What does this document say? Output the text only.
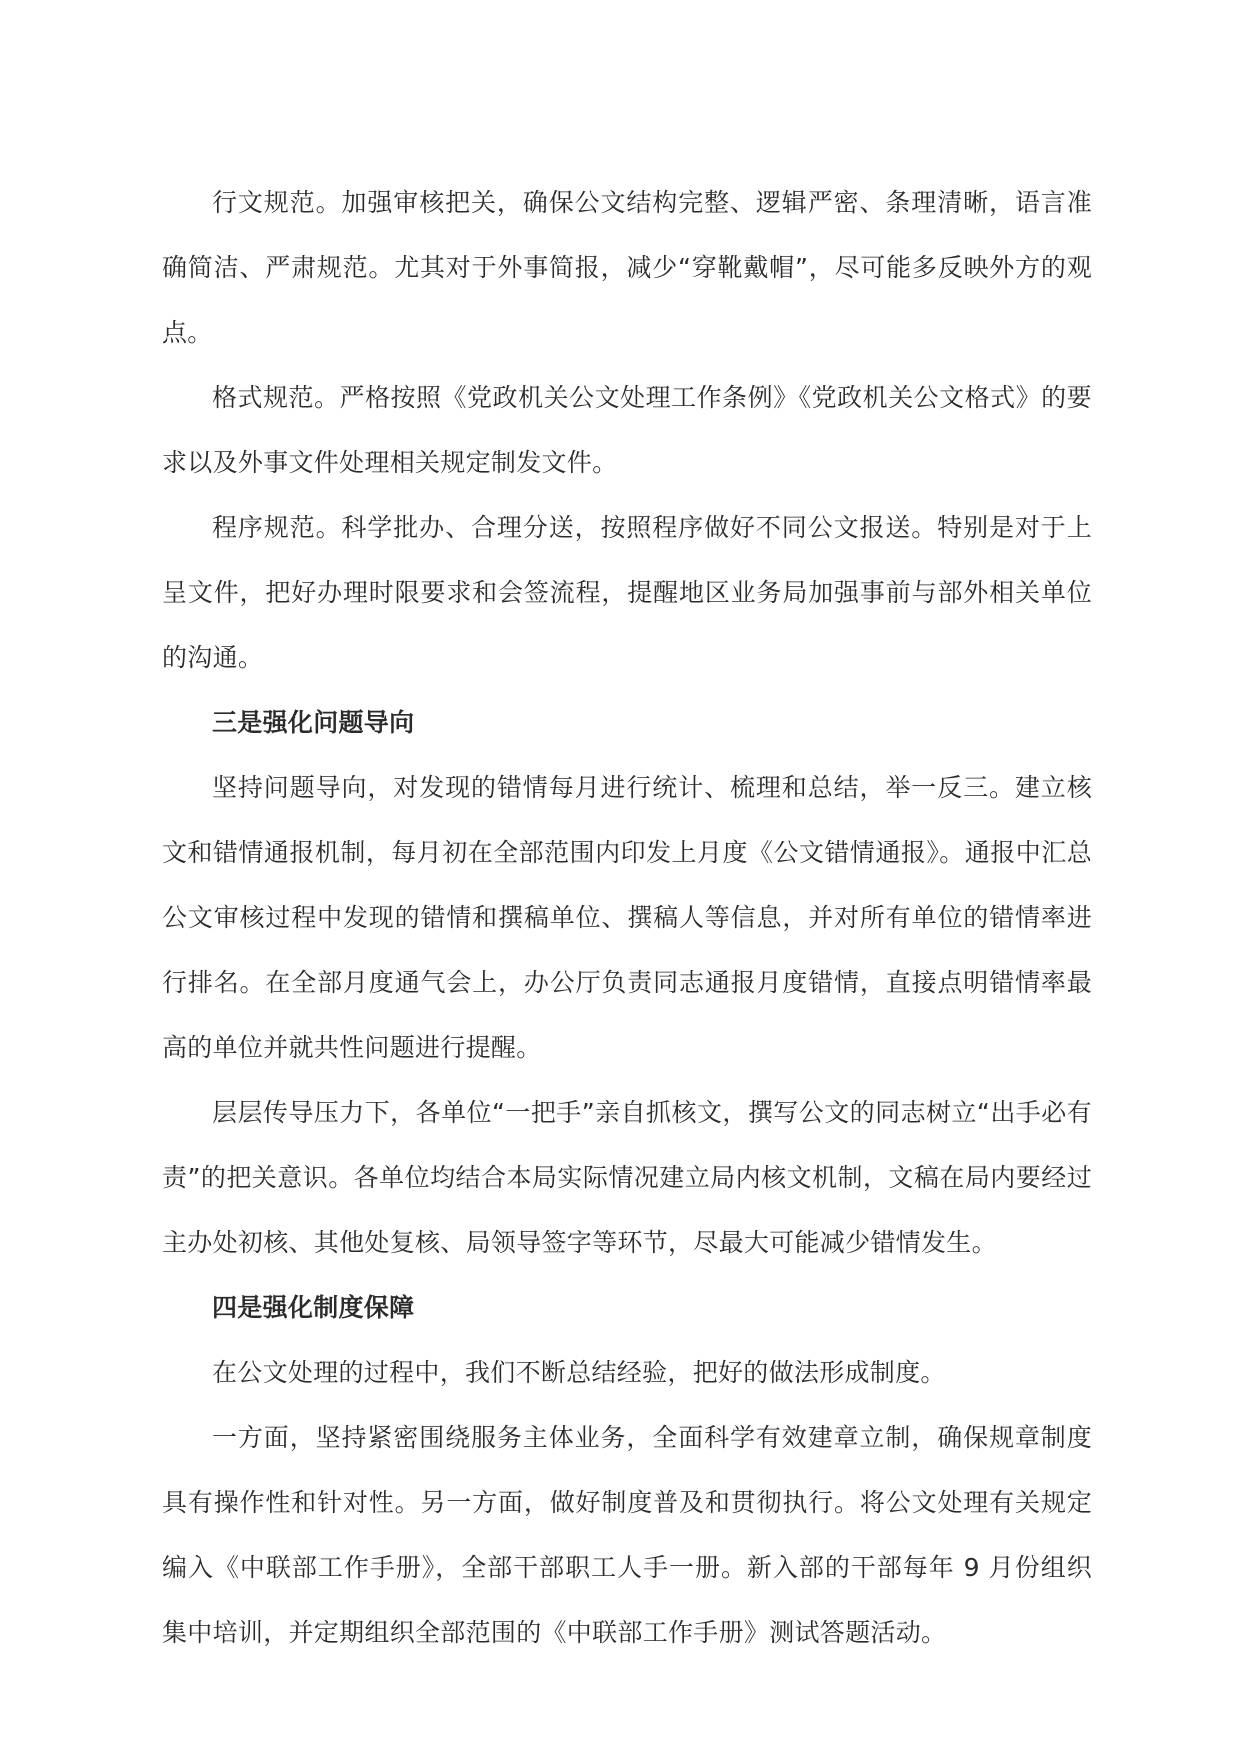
行文规范。加强审核把关，确保公文结构完整、逻辑严密、条理清晰，语言准确简洁、严肃规范。尤其对于外事简报，减少“穿靴戴帽”，尽可能多反映外方的观点。

格式规范。严格按照《党政机关公文处理工作条例》《党政机关公文格式》的要求以及外事文件处理相关规定制发文件。

程序规范。科学批办、合理分送，按照程序做好不同公文报送。特别是对于上呈文件，把好办理时限要求和会签流程，提醒地区业务局加强事前与部外相关单位的沟通。

三是强化问题导向

坚持问题导向，对发现的错情每月进行统计、梳理和总结，举一反三。建立核文和错情通报机制，每月初在全部范围内印发上月度《公文错情通报》。通报中汇总公文审核过程中发现的错情和撰稿单位、撰稿人等信息，并对所有单位的错情率进行排名。在全部月度通气会上，办公厅负责同志通报月度错情，直接点明错情率最高的单位并就共性问题进行提醒。

层层传导压力下，各单位“一把手”亲自抓核文，撰写公文的同志树立“出手必有责”的把关意识。各单位均结合本局实际情况建立局内核文机制，文稿在局内要经过主办处初核、其他处复核、局领导签字等环节，尽最大可能减少错情发生。

四是强化制度保障

在公文处理的过程中，我们不断总结经验，把好的做法形成制度。

一方面，坚持紧密围绕服务主体业务，全面科学有效建章立制，确保规章制度具有操作性和针对性。另一方面，做好制度普及和贯彻执行。将公文处理有关规定编入《中联部工作手册》，全部干部职工人手一册。新入部的干部每年 9 月份组织集中培训，并定期组织全部范围的《中联部工作手册》测试答题活动。
